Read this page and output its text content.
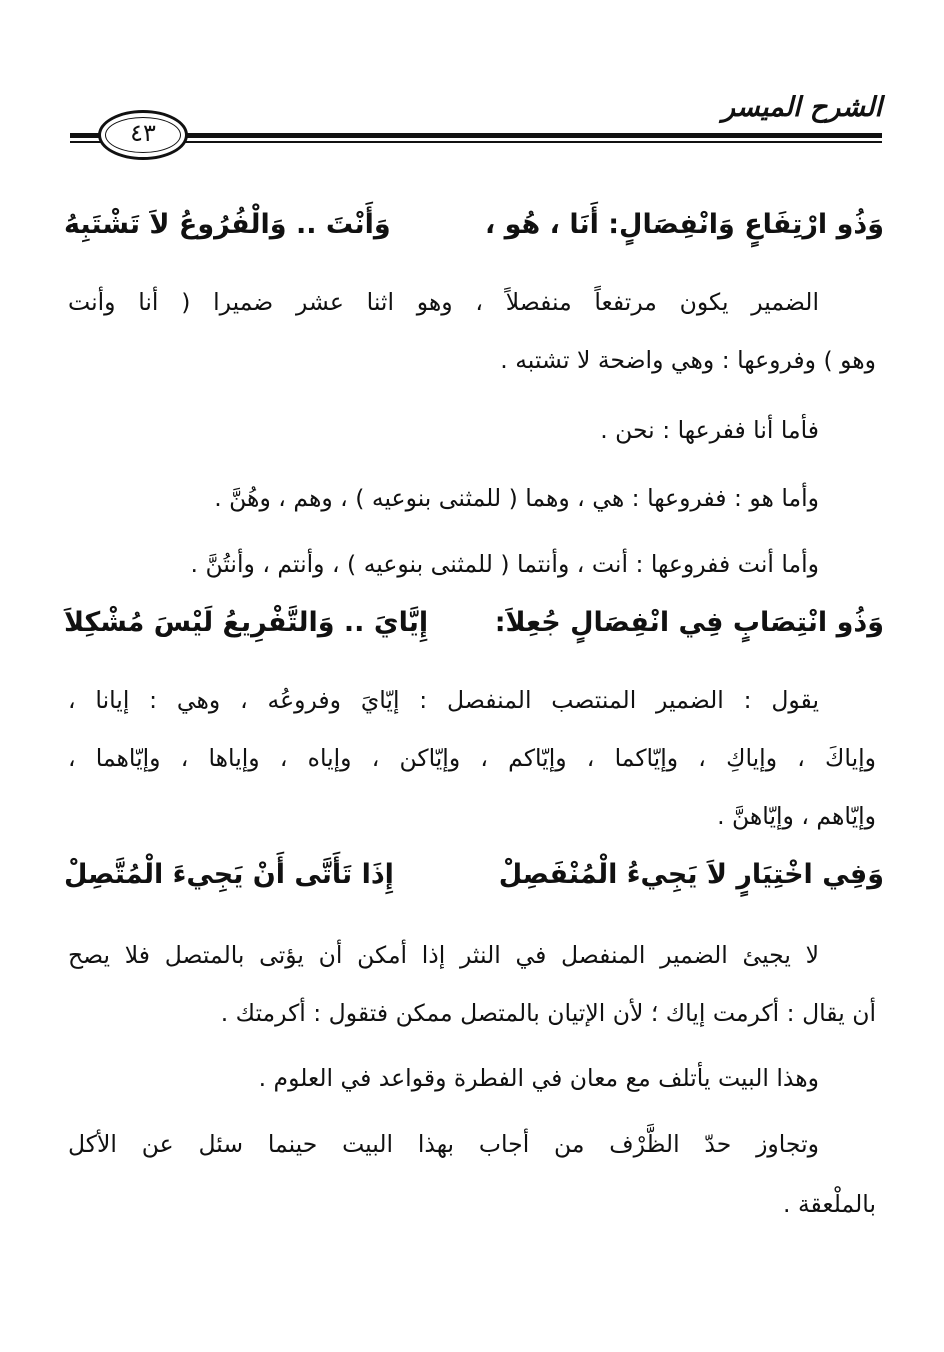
الشرح الميسر
٤٣
وَذُو ارْتِفَاعٍ وَانْفِصَالٍ: أَنَا ، هُو ،
وَأَنْتَ .. وَالْفُرُوعُ لاَ تَشْتَبِهُ
الضمير يكون مرتفعاً منفصلاً ، وهو اثنا عشر ضميرا ( أنا وأنت
وهو ) وفروعها : وهي واضحة لا تشتبه .
فأما أنا ففرعها : نحن .
وأما هو : ففروعها : هي ، وهما ( للمثنى بنوعيه ) ، وهم ، وهُنَّ .
وأما أنت ففروعها : أنت ، وأنتما ( للمثنى بنوعيه ) ، وأنتم ، وأنتُنَّ .
وَذُو انْتِصَابٍ فِي انْفِصَالٍ جُعِلاَ:
إِيَّايَ .. وَالتَّفْرِيعُ لَيْسَ مُشْكِلاَ
يقول : الضمير المنتصب المنفصل : إيّايَ وفروعُه ، وهي : إيانا ،
وإياكَ ، وإياكِ ، وإيّاكما ، وإيّاكم ، وإيّاكن ، وإياه ، وإياها ، وإيّاهما ،
وإيّاهم ، وإيّاهنَّ .
وَفِي اخْتِيَارٍ لاَ يَجِيءُ الْمُنْفَصِلْ
إِذَا تَأَتَّى أَنْ يَجِيءَ الْمُتَّصِلْ
لا يجيئ الضمير المنفصل في النثر إذا أمكن أن يؤتى بالمتصل فلا يصح
أن يقال : أكرمت إياك ؛ لأن الإتيان بالمتصل ممكن فتقول : أكرمتك .
وهذا البيت يأتلف مع معان في الفطرة وقواعد في العلوم .
وتجاوز حدّ الظَّرْف من أجاب بهذا البيت حينما سئل عن الأكل
بالملْعقة .
